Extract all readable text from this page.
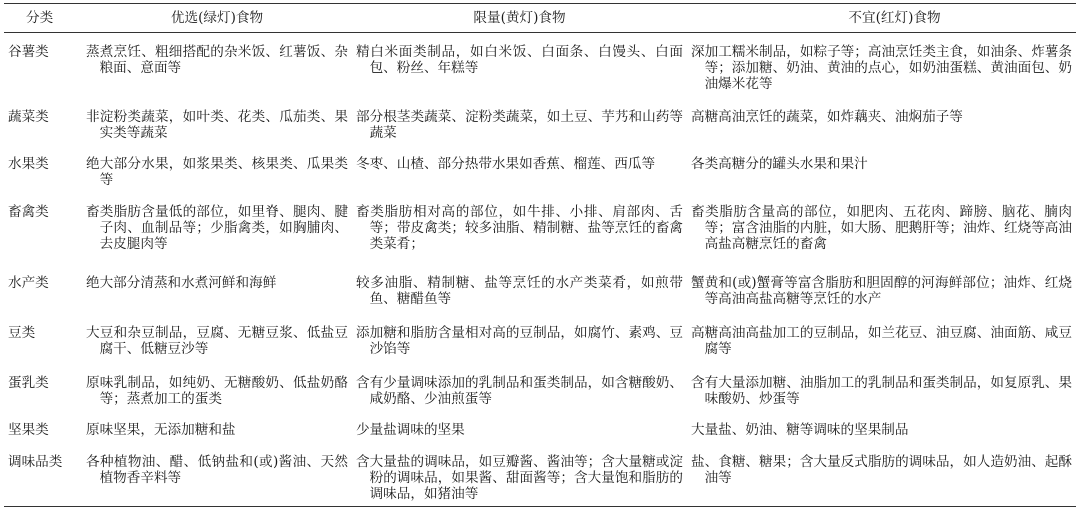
分类	优选(绿灯)食物	限量(黄灯)食物	不宜(红灯)食物

谷薯类	蒸煮烹饪、粗细搭配的杂米饭、红薯饭、杂粮面、意面等	精白米面类制品，如白米饭、白面条、白馒头、白面包、粉丝、年糕等	深加工糯米制品，如粽子等；高油烹饪类主食，如油条、炸薯条等；添加糖、奶油、黄油的点心，如奶油蛋糕、黄油面包、奶油爆米花等

蔬菜类	非淀粉类蔬菜，如叶类、花类、瓜茄类、果实类等蔬菜	部分根茎类蔬菜、淀粉类蔬菜，如土豆、芋艿和山药等蔬菜	高糖高油烹饪的蔬菜，如炸藕夹、油焖茄子等

水果类	绝大部分水果，如浆果类、核果类、瓜果类等	冬枣、山楂、部分热带水果如香蕉、榴莲、西瓜等	各类高糖分的罐头水果和果汁

畜禽类	畜类脂肪含量低的部位，如里脊、腿肉、腱子肉、血制品等；少脂禽类，如胸脯肉、去皮腿肉等	畜类脂肪相对高的部位，如牛排、小排、肩部肉、舌等；带皮禽类；较多油脂、精制糖、盐等烹饪的畜禽类菜肴；	畜类脂肪含量高的部位，如肥肉、五花肉、蹄膀、脑花、腩肉等；富含油脂的内脏，如大肠、肥鹅肝等；油炸、红烧等高油高盐高糖烹饪的畜禽

水产类	绝大部分清蒸和水煮河鲜和海鲜	较多油脂、精制糖、盐等烹饪的水产类菜肴，如煎带鱼、糖醋鱼等	蟹黄和(或)蟹膏等富含脂肪和胆固醇的河海鲜部位；油炸、红烧等高油高盐高糖等烹饪的水产

豆类	大豆和杂豆制品，豆腐、无糖豆浆、低盐豆腐干、低糖豆沙等	添加糖和脂肪含量相对高的豆制品，如腐竹、素鸡、豆沙馅等	高糖高油高盐加工的豆制品，如兰花豆、油豆腐、油面筋、咸豆腐等

蛋乳类	原味乳制品，如纯奶、无糖酸奶、低盐奶酪等；蒸煮加工的蛋类	含有少量调味添加的乳制品和蛋类制品，如含糖酸奶、咸奶酪、少油煎蛋等	含有大量添加糖、油脂加工的乳制品和蛋类制品，如复原乳、果味酸奶、炒蛋等

坚果类	原味坚果，无添加糖和盐	少量盐调味的坚果	大量盐、奶油、糖等调味的坚果制品

调味品类	各种植物油、醋、低钠盐和(或)酱油、天然植物香辛料等	含大量盐的调味品，如豆瓣酱、酱油等；含大量糖或淀粉的调味品，如果酱、甜面酱等；含大量饱和脂肪的调味品，如猪油等	盐、食糖、糖果；含大量反式脂肪的调味品，如人造奶油、起酥油等
